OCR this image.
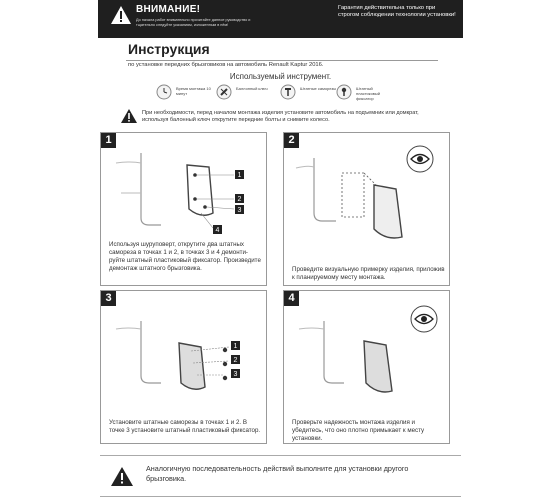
ВНИМАНИЕ!
До начала работ внимательно прочитайте данное руководство и тщательно следуйте указаниям, изложенным в нём!
Гарантия действительна только при строгом соблюдении технологии установки!
Инструкция
по установке передних брызговиков на автомобиль Renault Kaptur 2016.
Используемый инструмент.
Время монтажа 10 минут
Баллонный ключ	Штатные саморезы	Штатный пластиковый фиксатор
При необходимости, перед началом монтажа изделия установите автомобиль на подъемник или домкрат, используя балонный ключ открутите передние болты и снимите колесо.
1
1
2
3
4
Используя шуруповерт, открутите два штатных самореза в точках 1 и 2, в точках 3 и 4 демонти- руйте штатный пластиковый фиксатор. Произведите демонтаж штатного брызговика.
2
Проведите визуальную примерку изделия, приложив к планируемому месту монтажа.
3
1
2
3
Установите штатные саморезы в точках 1 и 2. В точке 3 установите штатный пластиковый фиксатор.
4
Проверьте надежность монтажа изделия и убедитесь, что оно плотно примыкает к месту установки.
Аналогичную последовательность действий выполните для установки другого брызговика.
